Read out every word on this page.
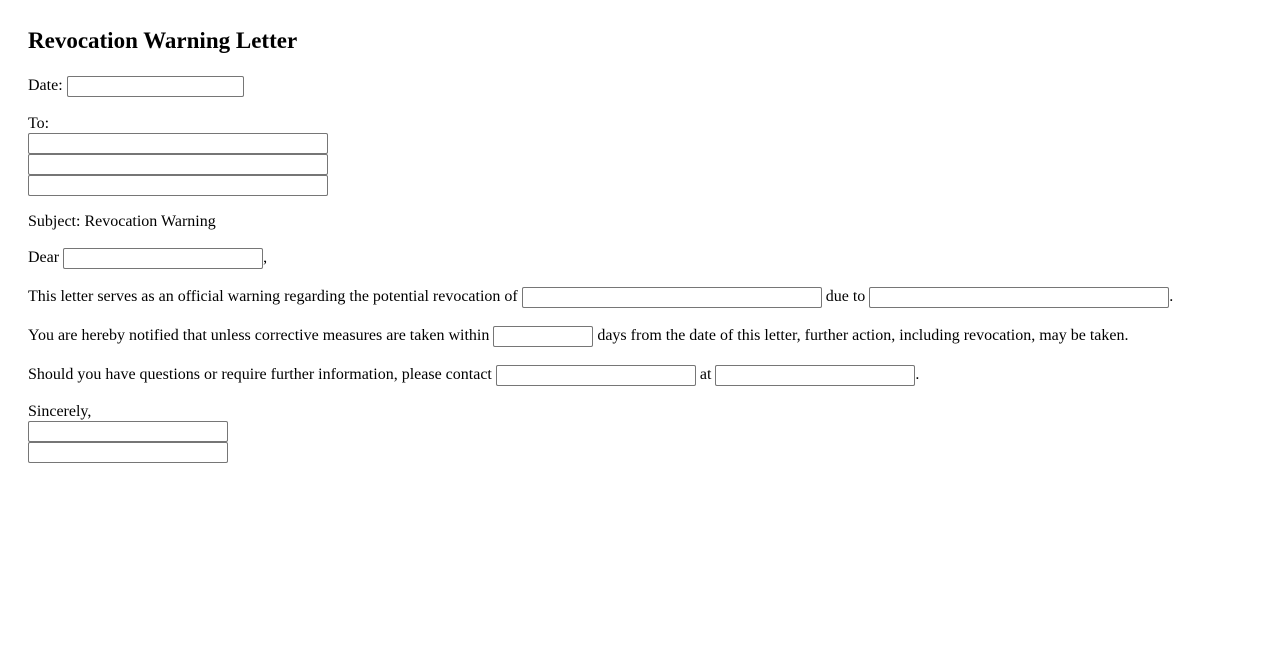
Revocation Warning Letter

Date:

To:

Subject: Revocation Warning

Dear	,

This letter serves as an official warning regarding the potential revocation of	due to	.

You are hereby notified that unless corrective measures are taken within	days from the date of this letter, further action, including revocation, may be taken.

Should you have questions or require further information, please contact	at	.

Sincerely,
